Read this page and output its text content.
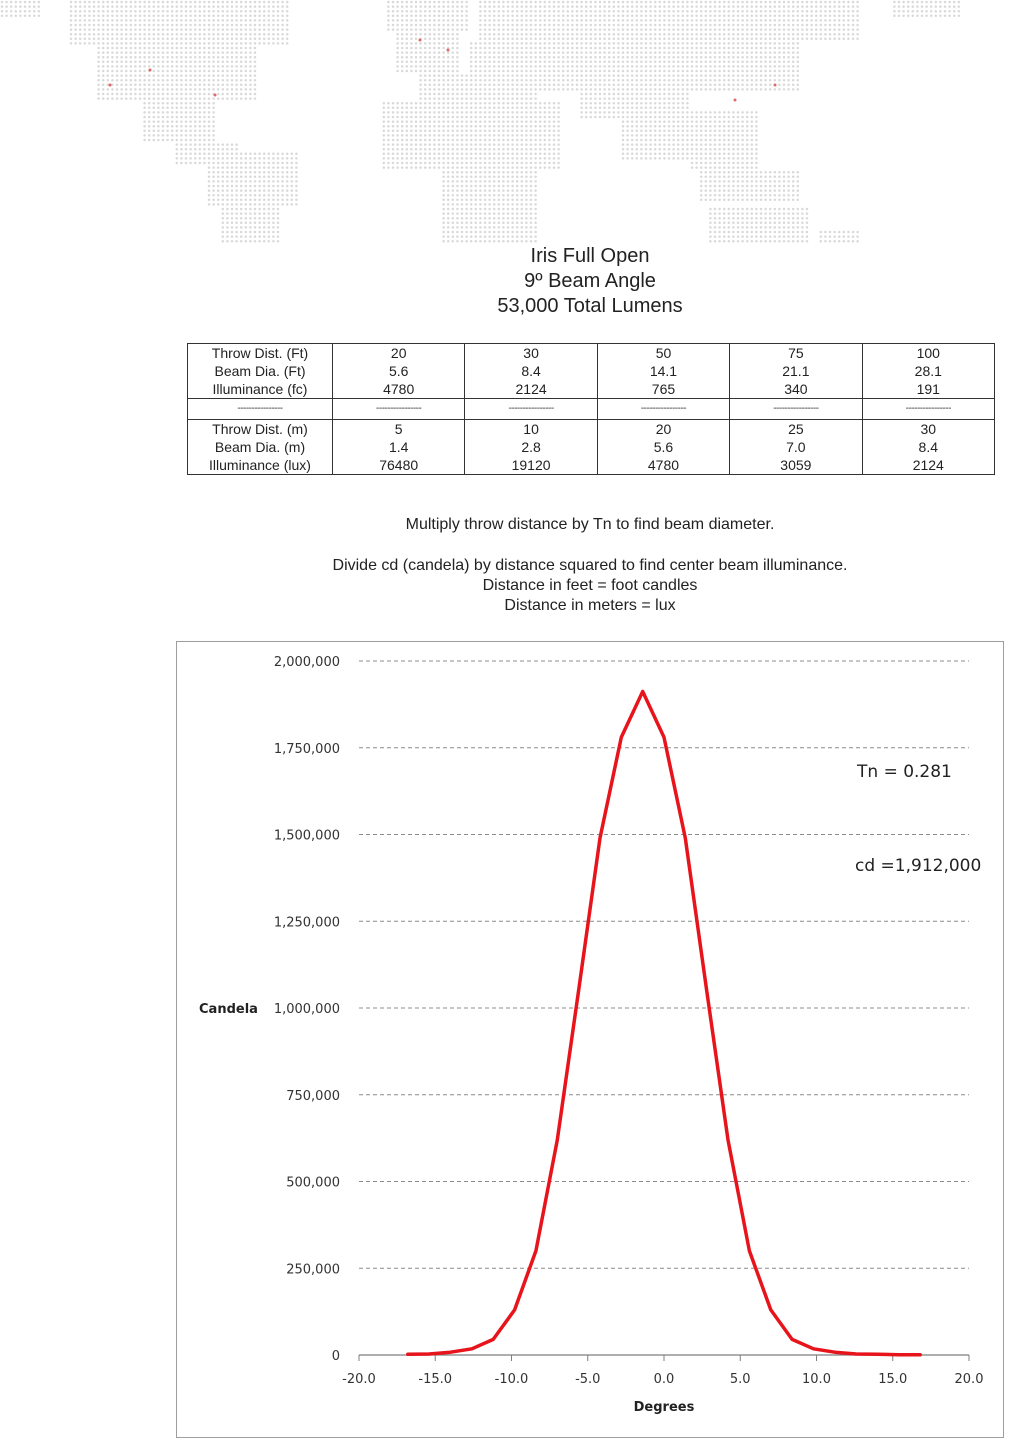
Iris Full Open
9º Beam Angle
53,000 Total Lumens
Throw Dist. (Ft)	20	30	50	75	100
Beam Dia. (Ft)	5.6	8.4	14.1	21.1	28.1
Illuminance (fc)	4780	2124	765	340	191
----------------	----------------	----------------	----------------	----------------	----------------
Throw Dist. (m)	5	10	20	25	30
Beam Dia. (m)	1.4	2.8	5.6	7.0	8.4
Illuminance (lux)	76480	19120	4780	3059	2124
Multiply throw distance by Tn to find beam diameter.
Divide cd (candela) by distance squared to find center beam illuminance.
Distance in feet = foot candles
Distance in meters = lux
0
250,000
500,000
750,000
1,000,000
1,250,000
1,500,000
1,750,000
2,000,000
-20.0	-15.0	-10.0	-5.0	0.0	5.0	10.0	15.0	20.0
Degrees
Candela
Tn = 0.281
cd =1,912,000
